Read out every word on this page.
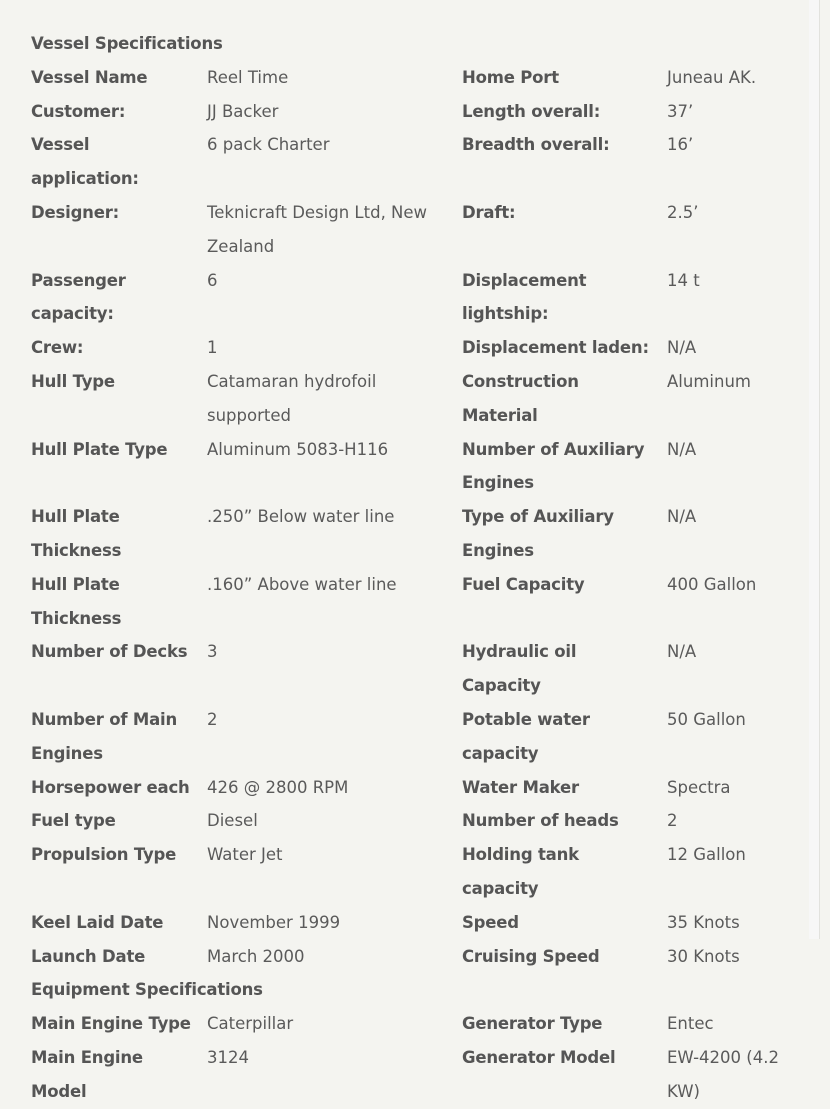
Vessel Specifications			
Vessel Name	Reel Time	Home Port	Juneau AK.
Customer:	JJ Backer	Length overall:	37’
Vessel application:	6 pack Charter	Breadth overall:	16’
Designer:	Teknicraft Design Ltd, New Zealand	Draft:	2.5’
Passenger capacity:	6	Displacement lightship:	14 t
Crew:	1	Displacement laden:	N/A
Hull Type	Catamaran hydrofoil supported	Construction Material	Aluminum
Hull Plate Type	Aluminum 5083-H116	Number of Auxiliary Engines	N/A
Hull Plate Thickness	.250” Below water line	Type of Auxiliary Engines	N/A
Hull Plate Thickness	.160” Above water line	Fuel Capacity	400 Gallon
Number of Decks	3	Hydraulic oil Capacity	N/A
Number of Main Engines	2	Potable water capacity	50 Gallon
Horsepower each	426 @ 2800 RPM	Water Maker	Spectra
Fuel type	Diesel	Number of heads	2
Propulsion Type	Water Jet	Holding tank capacity	12 Gallon
Keel Laid Date	November 1999	Speed	35 Knots
Launch Date	March 2000	Cruising Speed	30 Knots
Equipment Specifications			
Main Engine Type	Caterpillar	Generator Type	Entec
Main Engine Model	3124	Generator Model	EW-4200 (4.2 KW)
